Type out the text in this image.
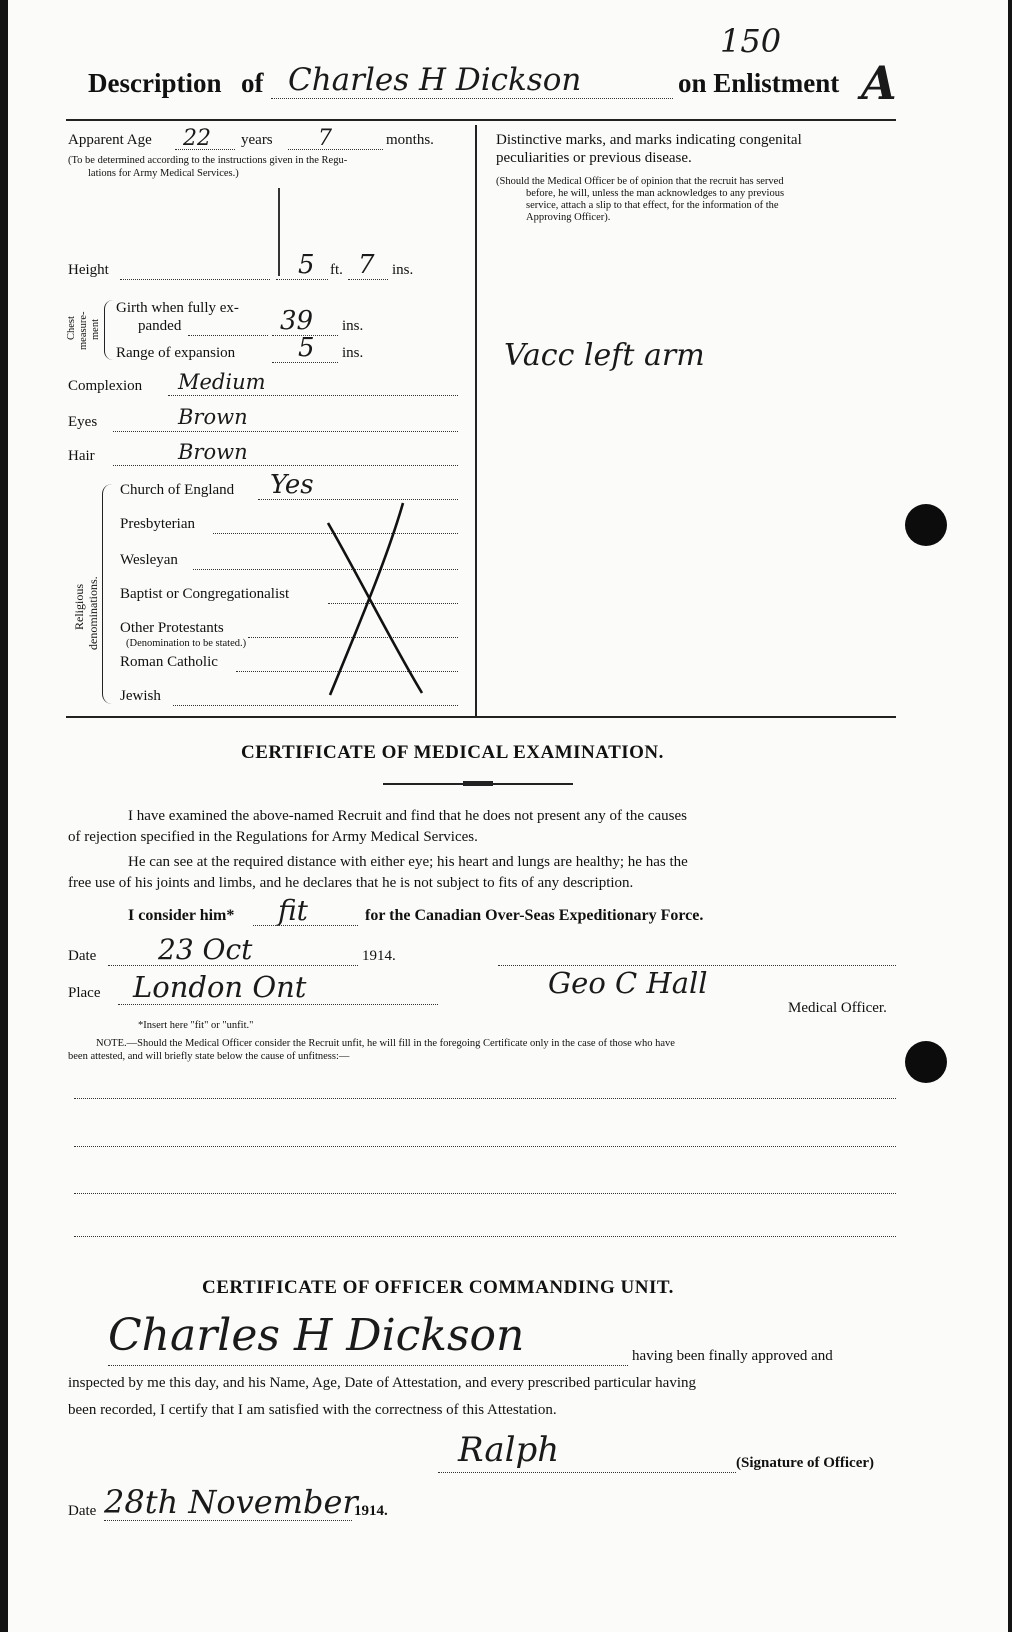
150
Description of Charles H Dickson	on Enlistment A
Apparent Age 22 years 7	months.
(To be determined according to the instructions given in the Regu-
lations for Army Medical Services.)
Height	5 ft. 7 ins.
Chest measure- ment
Girth when fully ex-
panded	39 ins.
Range of expansion 5 ins.
Complexion Medium
Eyes	Brown
Hair	Brown
Religious denominations.
Church of England Yes
Presbyterian
Wesleyan
Baptist or Congregationalist
Other Protestants
(Denomination to be stated.)
Roman Catholic
Jewish
Distinctive marks, and marks indicating congenital
peculiarities or previous disease.
(Should the Medical Officer be of opinion that the recruit has served
before, he will, unless the man acknowledges to any previous
service, attach a slip to that effect, for the information of the
Approving Officer).
Vacc left arm
CERTIFICATE OF MEDICAL EXAMINATION.
I have examined the above-named Recruit and find that he does not present any of the causes
of rejection specified in the Regulations for Army Medical Services.
He can see at the required distance with either eye; his heart and lungs are healthy; he has the
free use of his joints and limbs, and he declares that he is not subject to fits of any description.
I consider him* fit	for the Canadian Over-Seas Expeditionary Force.
Date 23 Oct	1914.
Place London Ont	Geo C Hall
Medical Officer.
*Insert here "fit" or "unfit."
NOTE.—Should the Medical Officer consider the Recruit unfit, he will fill in the foregoing Certificate only in the case of those who have
been attested, and will briefly state below the cause of unfitness:—
CERTIFICATE OF OFFICER COMMANDING UNIT.
Charles H Dickson	having been finally approved and
inspected by me this day, and his Name, Age, Date of Attestation, and every prescribed particular having
been recorded, I certify that I am satisfied with the correctness of this Attestation.
Ralph	(Signature of Officer)
Date 28th November
1914.
